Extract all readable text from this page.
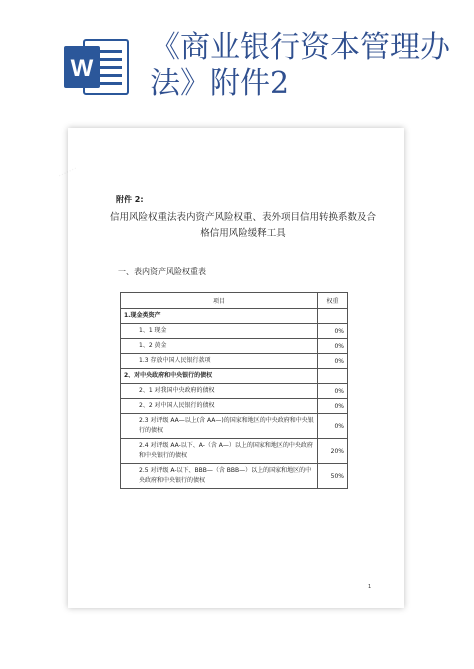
W
《商业银行资本管理办法》附件2
·······
附件 2:
信用风险权重法表内资产风险权重、表外项目信用转换系数及合格信用风险缓释工具
一、表内资产风险权重表
项目	权重
1.现金类资产	
1、1 现金	0%
1、2 黄金	0%
1.3 存放中国人民银行款项	0%
2、对中央政府和中央银行的债权	
2、1 对我国中央政府的债权	0%
2、2 对中国人民银行的债权	0%
2.3 对评级 AA—以上(含 AA—)的国家和地区的中央政府和中央银行的债权	0%
2.4 对评级 AA-以下、A-（含 A—）以上的国家和地区的中央政府和中央银行的债权	20%
2.5 对评级 A-以下、BBB—（含 BBB—）以上的国家和地区的中央政府和中央银行的债权	50%
1
